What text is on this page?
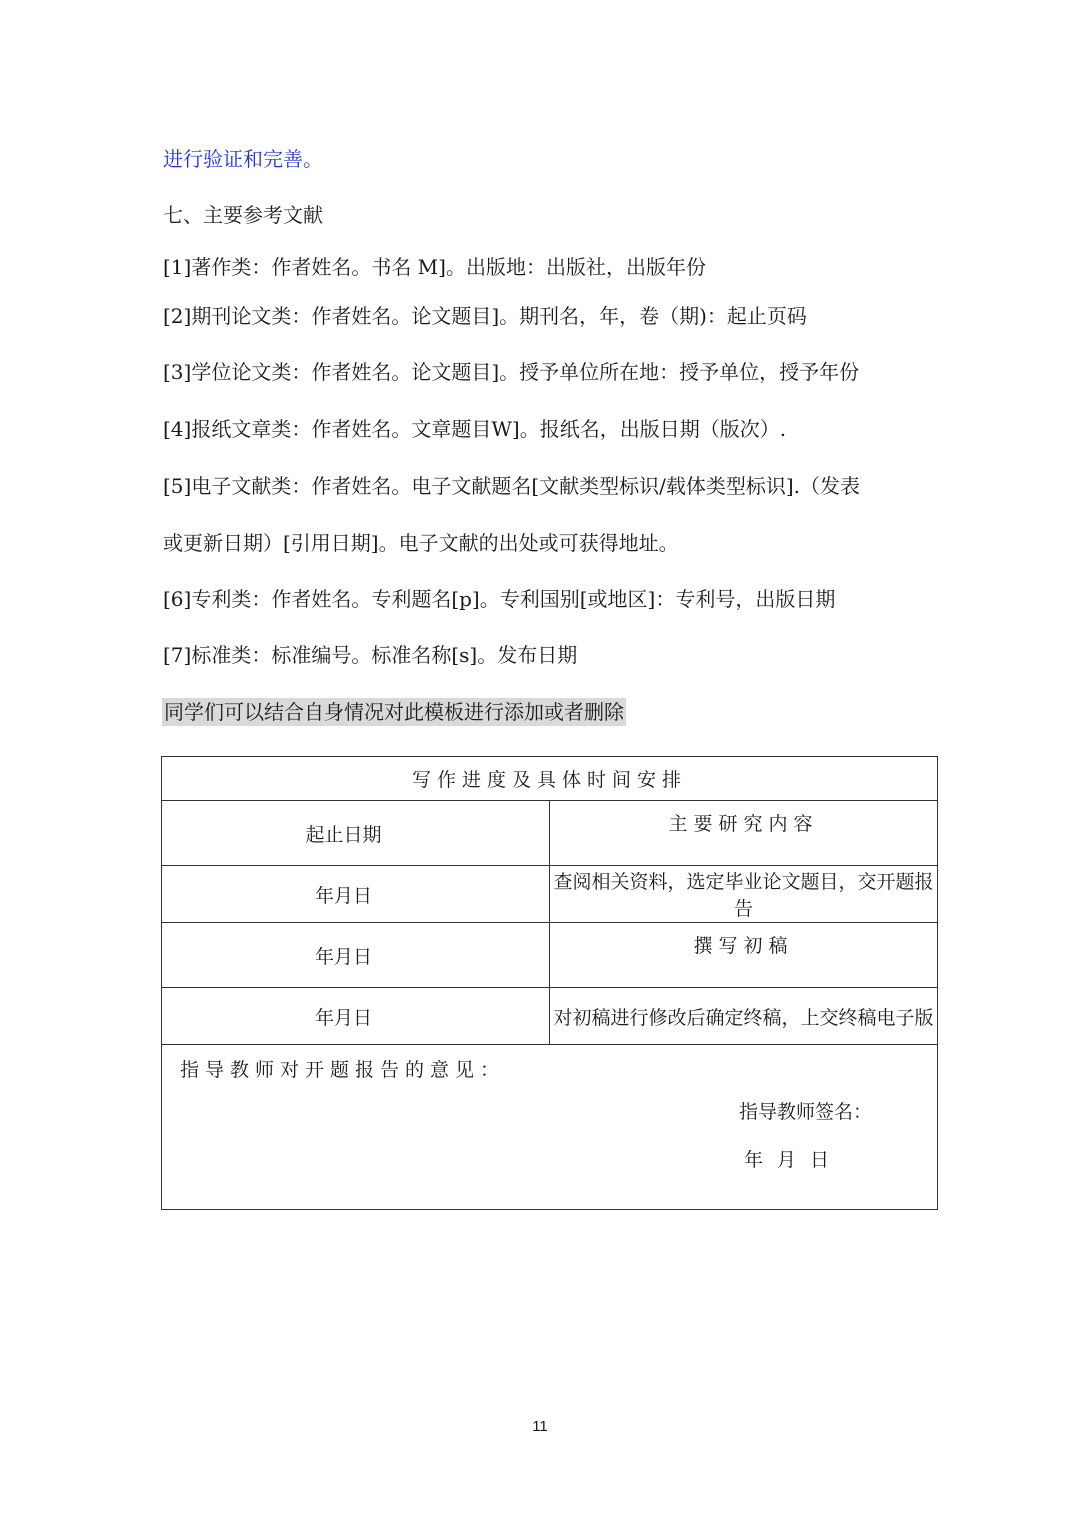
进行验证和完善。
七、主要参考文献
[1]著作类：作者姓名。书名 M]。出版地：出版社，出版年份
[2]期刊论文类：作者姓名。论文题目]。期刊名，年，卷（期)：起止页码
[3]学位论文类：作者姓名。论文题目]。授予单位所在地：授予单位，授予年份
[4]报纸文章类：作者姓名。文章题目W]。报纸名，出版日期（版次）.
[5]电子文献类：作者姓名。电子文献题名[文献类型标识/载体类型标识].（发表
或更新日期）[引用日期]。电子文献的出处或可获得地址。
[6]专利类：作者姓名。专利题名[p]。专利国别[或地区]：专利号，出版日期
[7]标准类：标准编号。标准名称[s]。发布日期
同学们可以结合自身情况对此模板进行添加或者删除
写作进度及具体时间安排	
起止日期	主要研究内容
年月日	查阅相关资料，选定毕业论文题目，交开题报告
年月日	撰写初稿
年月日	对初稿进行修改后确定终稿，上交终稿电子版

指导教师对开题报告的意见：
指导教师签名：
年 月 日	
11
